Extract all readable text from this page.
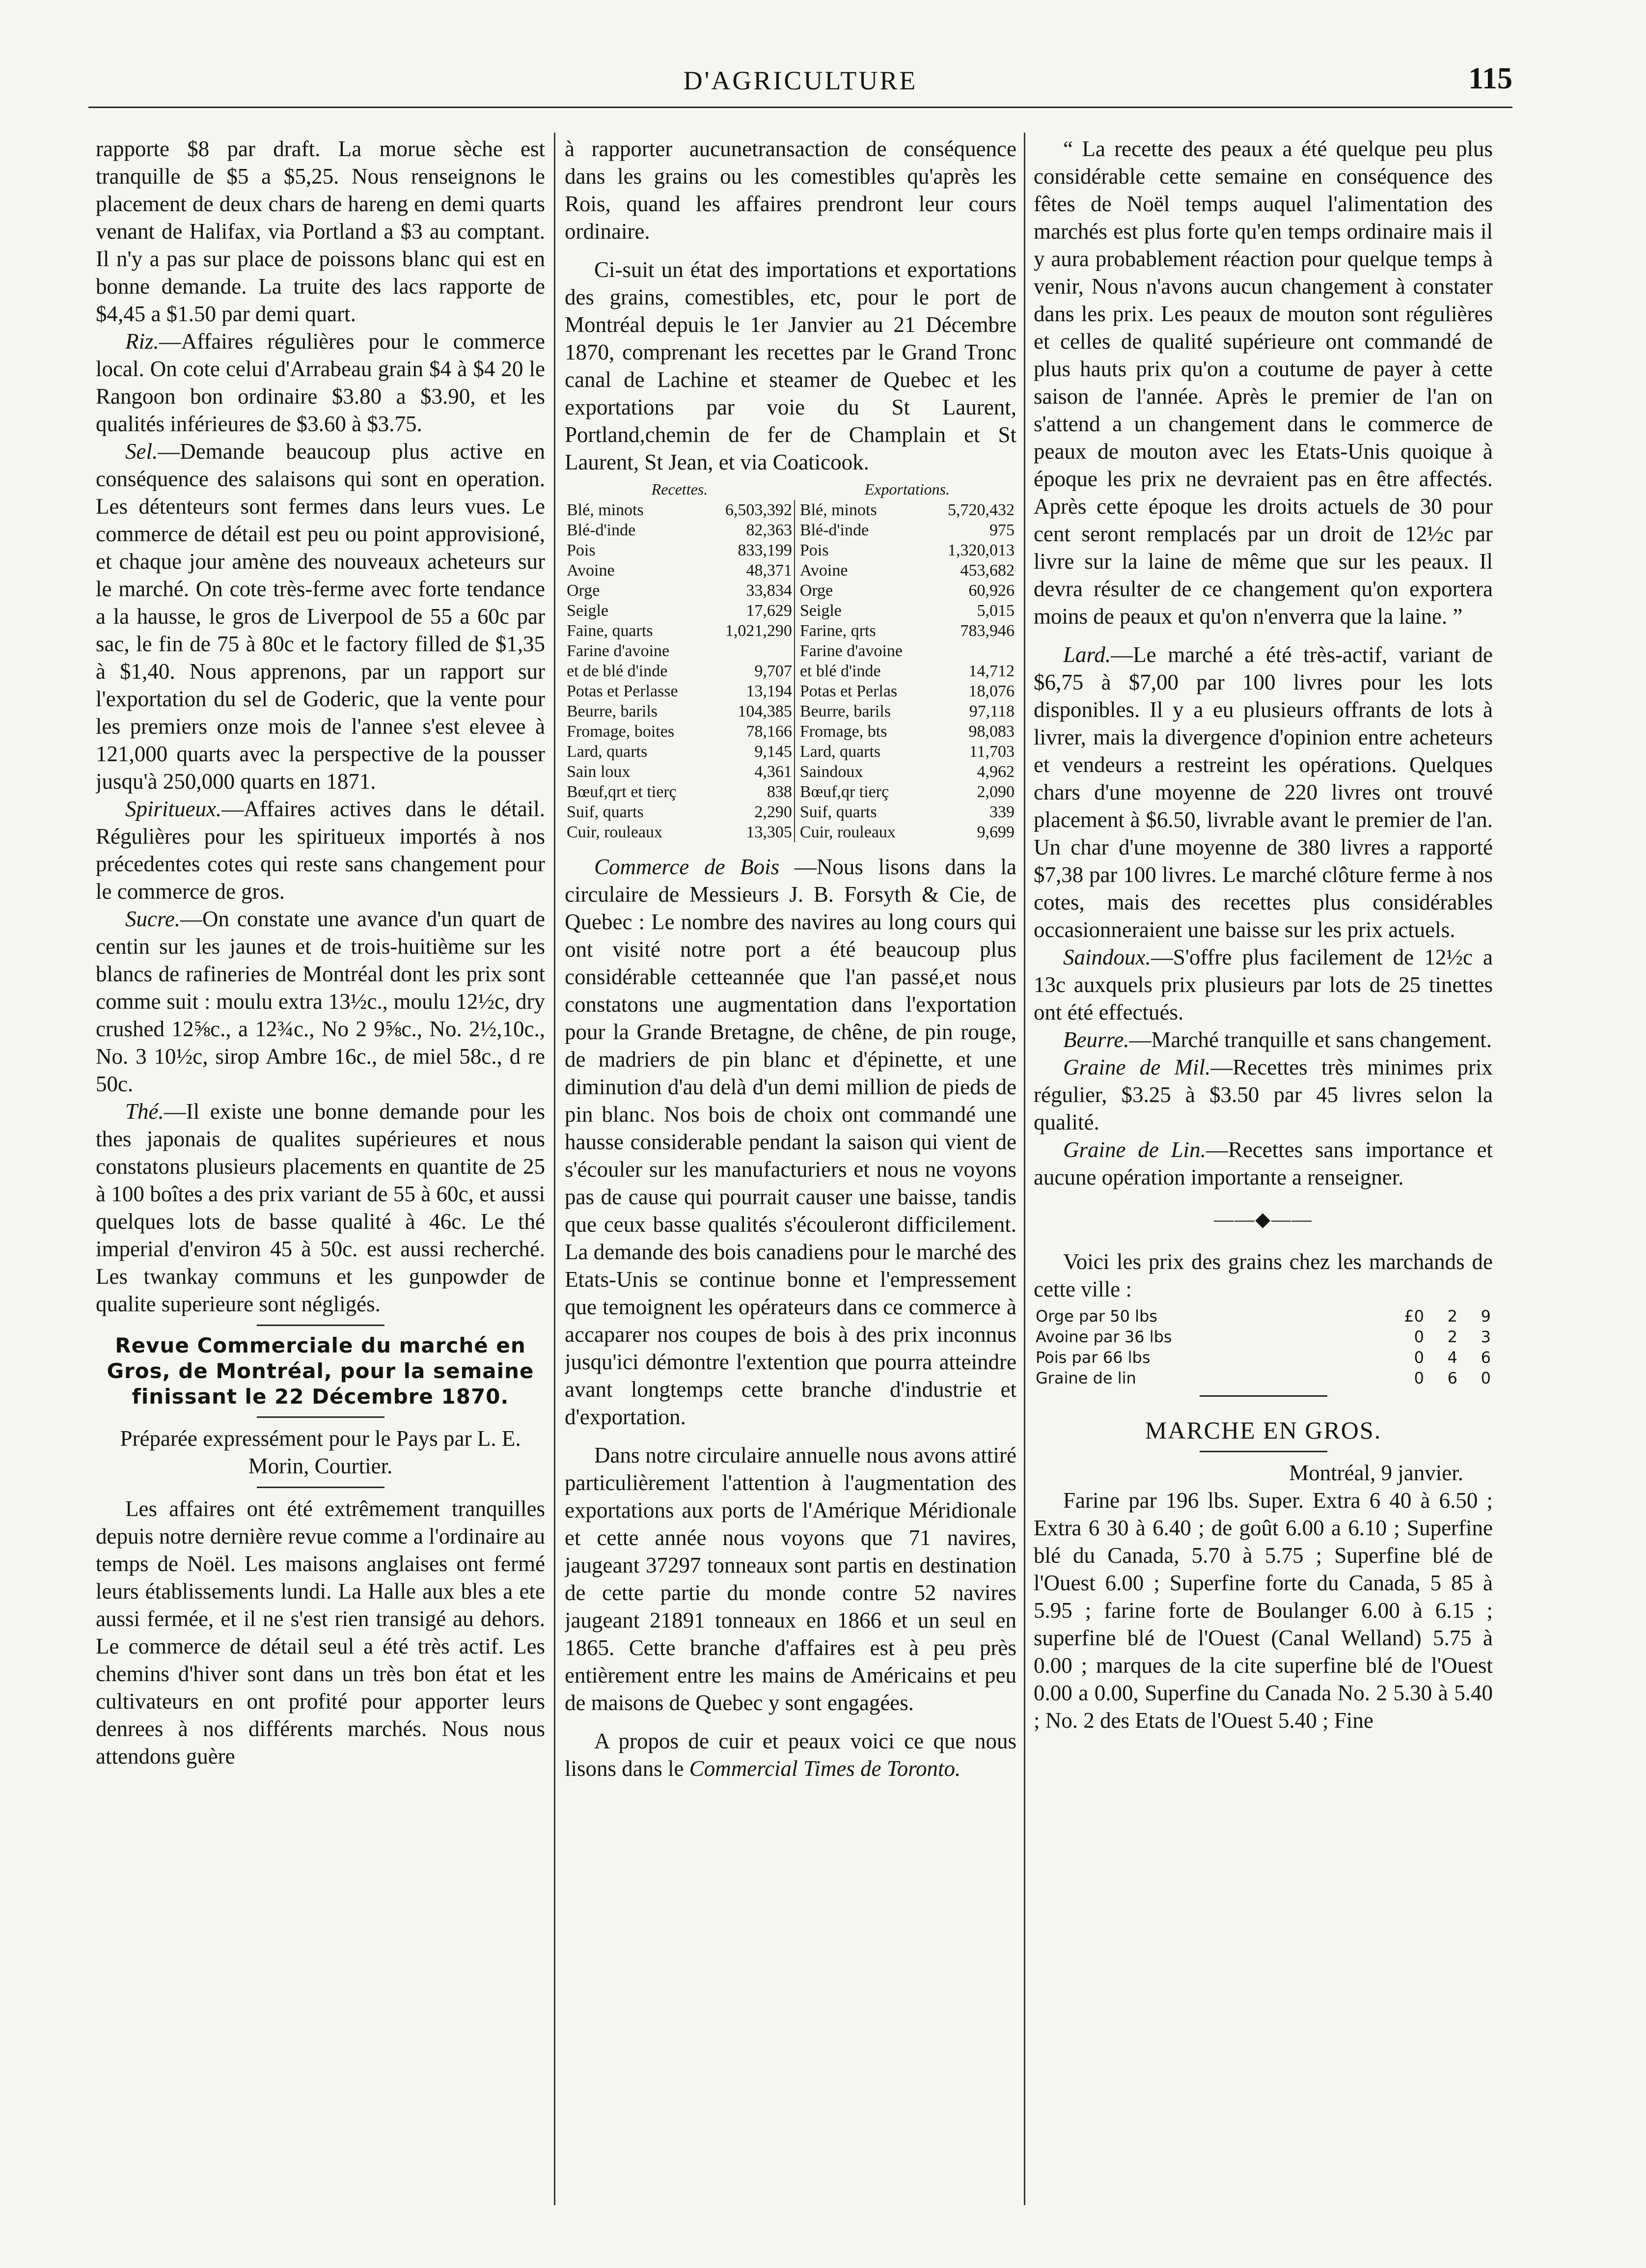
D'AGRICULTURE	115

rapporte $8 par draft. La morue sèche est tranquille de $5 a $5,25. Nous renseignons le placement de deux chars de hareng en demi quarts venant de Halifax, via Portland a $3 au comptant. Il n'y a pas sur place de poissons blanc qui est en bonne demande. La truite des lacs rapporte de $4,45 a $1.50 par demi quart.

Riz.—Affaires régulières pour le commerce local. On cote celui d'Arrabeau grain $4 à $4 20 le Rangoon bon ordinaire $3.80 a $3.90, et les qualités inférieures de $3.60 à $3.75.

Sel.—Demande beaucoup plus active en conséquence des salaisons qui sont en operation. Les détenteurs sont fermes dans leurs vues. Le commerce de détail est peu ou point approvisioné, et chaque jour amène des nouveaux acheteurs sur le marché. On cote très-ferme avec forte tendance a la hausse, le gros de Liverpool de 55 a 60c par sac, le fin de 75 à 80c et le factory filled de $1,35 à $1,40. Nous apprenons, par un rapport sur l'exportation du sel de Goderic, que la vente pour les premiers onze mois de l'annee s'est elevee à 121,000 quarts avec la perspective de la pousser jusqu'à 250,000 quarts en 1871.

Spiritueux.—Affaires actives dans le détail. Régulières pour les spiritueux importés à nos précedentes cotes qui reste sans changement pour le commerce de gros.

Sucre.—On constate une avance d'un quart de centin sur les jaunes et de trois-huitième sur les blancs de rafineries de Montréal dont les prix sont comme suit : moulu extra 13½c., moulu 12½c, dry crushed 12⅝c., a 12¾c., No 2 9⅝c., No. 2½,10c., No. 3 10½c, sirop Ambre 16c., de miel 58c., d re 50c.

Thé.—Il existe une bonne demande pour les thes japonais de qualites supérieures et nous constatons plusieurs placements en quantite de 25 à 100 boîtes a des prix variant de 55 à 60c, et aussi quelques lots de basse qualité à 46c. Le thé imperial d'environ 45 à 50c. est aussi recherché. Les twankay communs et les gunpowder de qualite superieure sont négligés.

Revue Commerciale du marché en Gros, de Montréal, pour la semaine finissant le 22 Décembre 1870.

Préparée expressément pour le Pays par L. E. Morin, Courtier.

Les affaires ont été extrêmement tranquilles depuis notre dernière revue comme a l'ordinaire au temps de Noël. Les maisons anglaises ont fermé leurs établissements lundi. La Halle aux bles a ete aussi fermée, et il ne s'est rien transigé au dehors. Le commerce de détail seul a été très actif. Les chemins d'hiver sont dans un très bon état et les cultivateurs en ont profité pour apporter leurs denrees à nos différents marchés. Nous nous attendons guère

à rapporter aucunetransaction de conséquence dans les grains ou les comestibles qu'après les Rois, quand les affaires prendront leur cours ordinaire.

Ci-suit un état des importations et exportations des grains, comestibles, etc, pour le port de Montréal depuis le 1er Janvier au 21 Décembre 1870, comprenant les recettes par le Grand Tronc canal de Lachine et steamer de Quebec et les exportations par voie du St Laurent, Portland,chemin de fer de Champlain et St Laurent, St Jean, et via Coaticook.

Recettes.			Exportations.	
Blé, minots	6,503,392		Blé, minots	5,720,432
Blé-d'inde	82,363		Blé-d'inde	975
Pois	833,199		Pois	1,320,013
Avoine	48,371		Avoine	453,682
Orge	33,834		Orge	60,926
Seigle	17,629		Seigle	5,015
Faine, quarts	1,021,290		Farine, qrts	783,946
Farine d'avoine			Farine d'avoine	
et de blé d'inde	9,707		et blé d'inde	14,712
Potas et Perlasse	13,194		Potas et Perlas	18,076
Beurre, barils	104,385		Beurre, barils	97,118
Fromage, boites	78,166		Fromage, bts	98,083
Lard, quarts	9,145		Lard, quarts	11,703
Sain loux	4,361		Saindoux	4,962
Bœuf,qrt et tierç	838		Bœuf,qr tierç	2,090
Suif, quarts	2,290		Suif, quarts	339
Cuir, rouleaux	13,305		Cuir, rouleaux	9,699

Commerce de Bois —Nous lisons dans la circulaire de Messieurs J. B. Forsyth & Cie, de Quebec : Le nombre des navires au long cours qui ont visité notre port a été beaucoup plus considérable cetteannée que l'an passé,et nous constatons une augmentation dans l'exportation pour la Grande Bretagne, de chêne, de pin rouge, de madriers de pin blanc et d'épinette, et une diminution d'au delà d'un demi million de pieds de pin blanc. Nos bois de choix ont commandé une hausse considerable pendant la saison qui vient de s'écouler sur les manufacturiers et nous ne voyons pas de cause qui pourrait causer une baisse, tandis que ceux basse qualités s'écouleront difficilement. La demande des bois canadiens pour le marché des Etats-Unis se continue bonne et l'empressement que temoignent les opérateurs dans ce commerce à accaparer nos coupes de bois à des prix inconnus jusqu'ici démontre l'extention que pourra atteindre avant longtemps cette branche d'industrie et d'exportation.

Dans notre circulaire annuelle nous avons attiré particulièrement l'attention à l'augmentation des exportations aux ports de l'Amérique Méridionale et cette année nous voyons que 71 navires, jaugeant 37297 tonneaux sont partis en destination de cette partie du monde contre 52 navires jaugeant 21891 tonneaux en 1866 et un seul en 1865. Cette branche d'affaires est à peu près entièrement entre les mains de Américains et peu de maisons de Quebec y sont engagées.

A propos de cuir et peaux voici ce que nous lisons dans le Commercial Times de Toronto.

“ La recette des peaux a été quelque peu plus considérable cette semaine en conséquence des fêtes de Noël temps auquel l'alimentation des marchés est plus forte qu'en temps ordinaire mais il y aura probablement réaction pour quelque temps à venir, Nous n'avons aucun changement à constater dans les prix. Les peaux de mouton sont régulières et celles de qualité supérieure ont commandé de plus hauts prix qu'on a coutume de payer à cette saison de l'année. Après le premier de l'an on s'attend a un changement dans le commerce de peaux de mouton avec les Etats-Unis quoique à époque les prix ne devraient pas en être affectés. Après cette époque les droits actuels de 30 pour cent seront remplacés par un droit de 12½c par livre sur la laine de même que sur les peaux. Il devra résulter de ce changement qu'on exportera moins de peaux et qu'on n'enverra que la laine. ”

Lard.—Le marché a été très-actif, variant de $6,75 à $7,00 par 100 livres pour les lots disponibles. Il y a eu plusieurs offrants de lots à livrer, mais la divergence d'opinion entre acheteurs et vendeurs a restreint les opérations. Quelques chars d'une moyenne de 220 livres ont trouvé placement à $6.50, livrable avant le premier de l'an. Un char d'une moyenne de 380 livres a rapporté $7,38 par 100 livres. Le marché clôture ferme à nos cotes, mais des recettes plus considérables occasionneraient une baisse sur les prix actuels.

Saindoux.—S'offre plus facilement de 12½c a 13c auxquels prix plusieurs par lots de 25 tinettes ont été effectués.

Beurre.—Marché tranquille et sans changement.

Graine de Mil.—Recettes très minimes prix régulier, $3.25 à $3.50 par 45 livres selon la qualité.

Graine de Lin.—Recettes sans importance et aucune opération importante a renseigner.

——◆——

Voici les prix des grains chez les marchands de cette ville :

Orge par 50 lbs	£0	2	9
Avoine par 36 lbs	0	2	3
Pois par 66 lbs	0	4	6
Graine de lin	0	6	0
MARCHE EN GROS.

Montréal, 9 janvier.

Farine par 196 lbs. Super. Extra 6 40 à 6.50 ; Extra 6 30 à 6.40 ; de goût 6.00 a 6.10 ; Superfine blé du Canada, 5.70 à 5.75 ; Superfine blé de l'Ouest 6.00 ; Superfine forte du Canada, 5 85 à 5.95 ; farine forte de Boulanger 6.00 à 6.15 ; superfine blé de l'Ouest (Canal Welland) 5.75 à 0.00 ; marques de la cite superfine blé de l'Ouest 0.00 a 0.00, Superfine du Canada No. 2 5.30 à 5.40 ; No. 2 des Etats de l'Ouest 5.40 ; Fine
